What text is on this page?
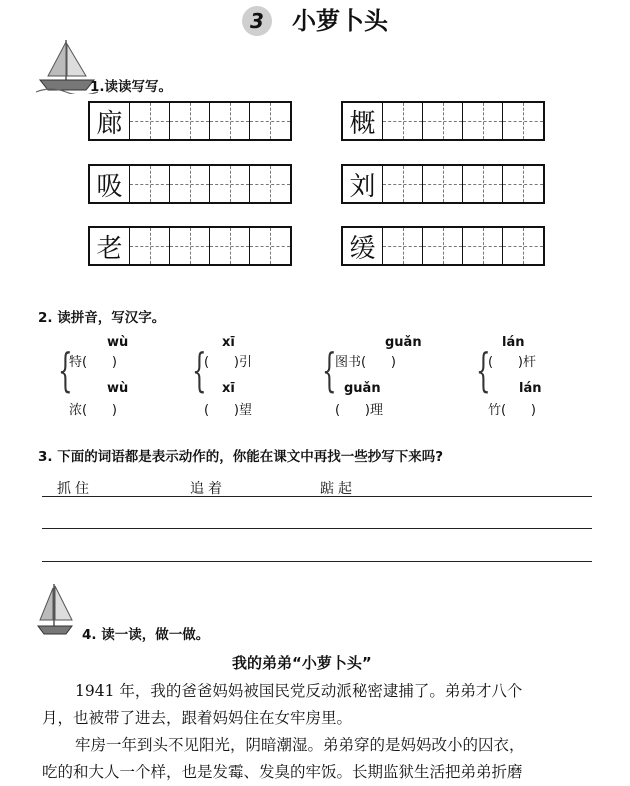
3	小萝卜头
1.读读写写。
廊	概
吸	刘
老	缓
2. 读拼音，写汉字。
{
wù
特(      )
wù
浓(      )
{
xī
(      )引
xī
(      )望
{
guǎn
图书(      )
guǎn
(      )理
{
lán
(      )杆
lán
竹(      )
3. 下面的词语都是表示动作的，你能在课文中再找一些抄写下来吗?
抓住	追着	踮起
4. 读一读，做一做。
我的弟弟“小萝卜头”
1941 年，我的爸爸妈妈被国民党反动派秘密逮捕了。弟弟才八个
月，也被带了进去，跟着妈妈住在女牢房里。
牢房一年到头不见阳光，阴暗潮湿。弟弟穿的是妈妈改小的囚衣，
吃的和大人一个样，也是发霉、发臭的牢饭。长期监狱生活把弟弟折磨
